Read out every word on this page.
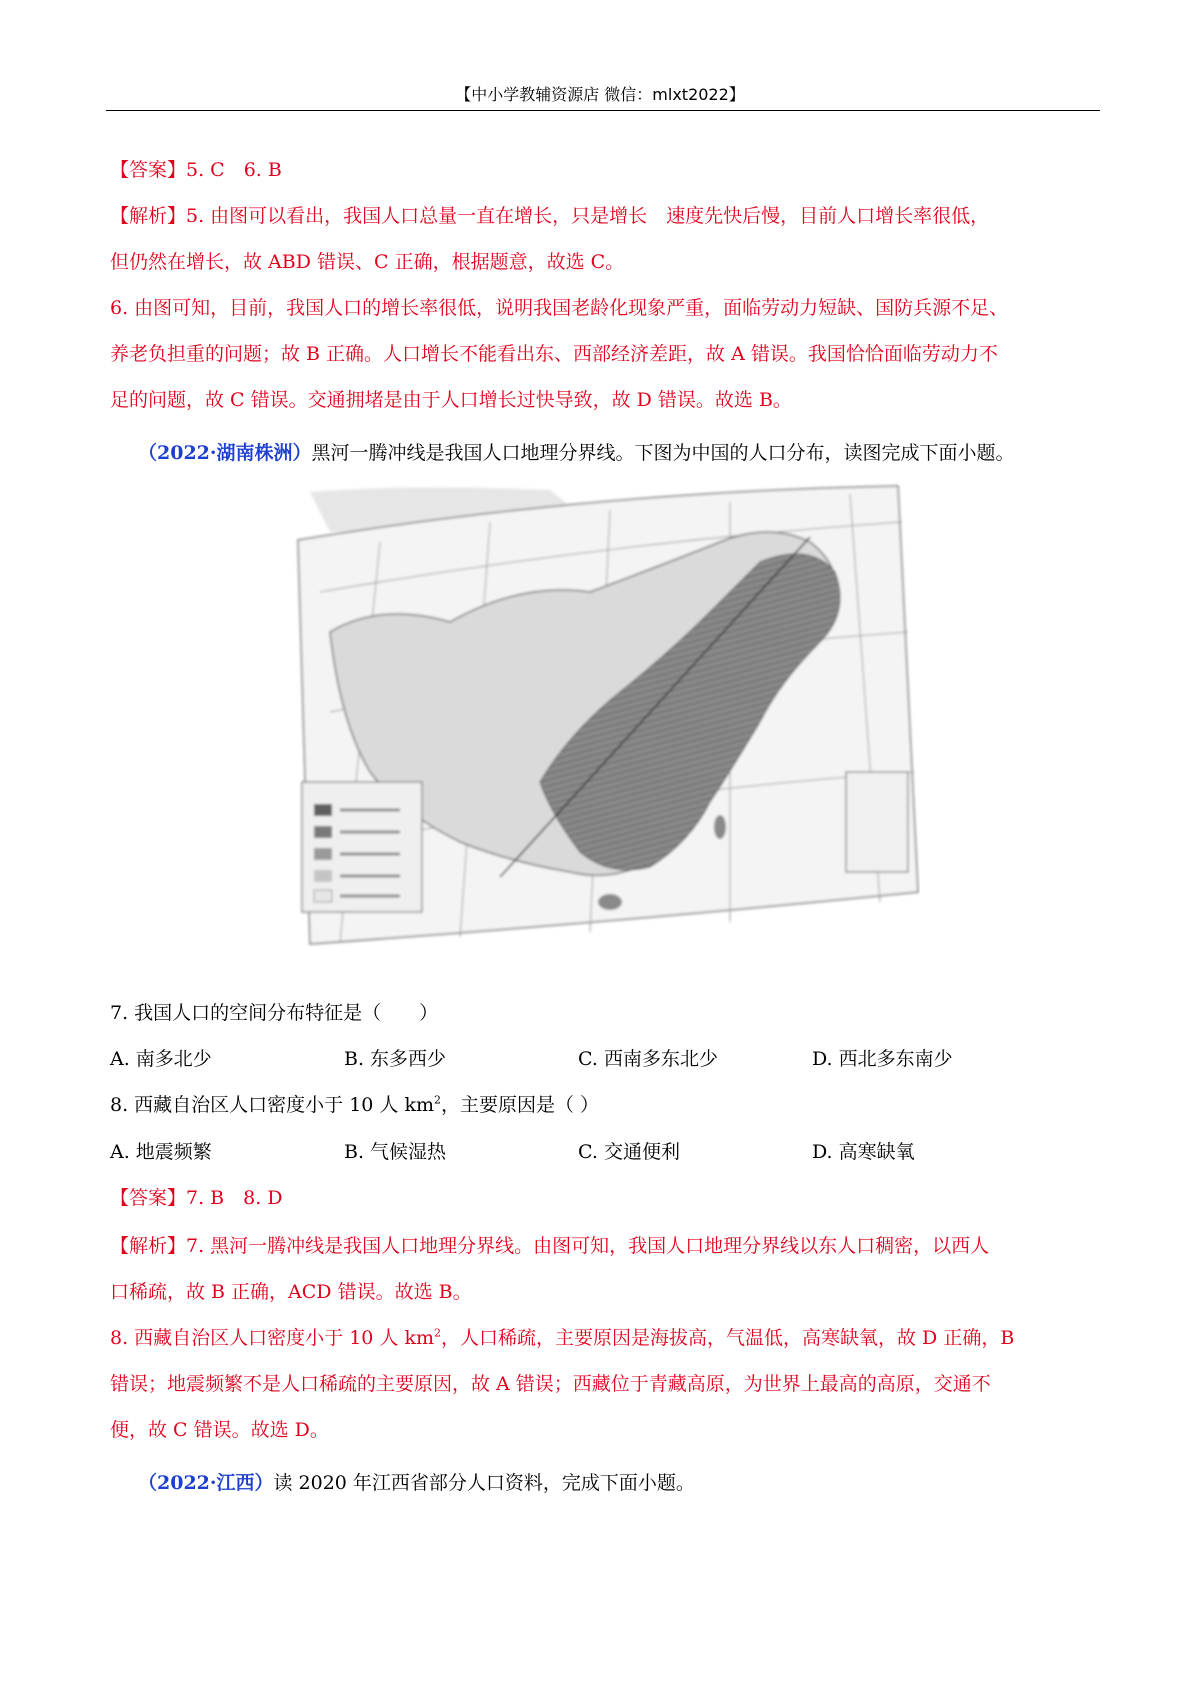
【中小学教辅资源店 微信：mlxt2022】
【答案】5. C　6. B
【解析】5. 由图可以看出，我国人口总量一直在增长，只是增长　速度先快后慢，目前人口增长率很低，
但仍然在增长，故 ABD 错误、C 正确，根据题意，故选 C。
6. 由图可知，目前，我国人口的增长率很低，说明我国老龄化现象严重，面临劳动力短缺、国防兵源不足、
养老负担重的问题；故 B 正确。人口增长不能看出东、西部经济差距，故 A 错误。我国恰恰面临劳动力不
足的问题，故 C 错误。交通拥堵是由于人口增长过快导致，故 D 错误。故选 B。
（2022·湖南株洲）黑河一腾冲线是我国人口地理分界线。下图为中国的人口分布，读图完成下面小题。
7. 我国人口的空间分布特征是（　　）
A. 南多北少	B. 东多西少	C. 西南多东北少	D. 西北多东南少
8. 西藏自治区人口密度小于 10 人 $km^2$，主要原因是（ ）
A. 地震频繁	B. 气候湿热	C. 交通便利	D. 高寒缺氧
【答案】7. B　8. D
【解析】7. 黑河一腾冲线是我国人口地理分界线。由图可知，我国人口地理分界线以东人口稠密，以西人
口稀疏，故 B 正确，ACD 错误。故选 B。
8. 西藏自治区人口密度小于 10 人 $km^2$，人口稀疏，主要原因是海拔高，气温低，高寒缺氧，故 D 正确，B
错误；地震频繁不是人口稀疏的主要原因，故 A 错误；西藏位于青藏高原，为世界上最高的高原，交通不
便，故 C 错误。故选 D。
（2022·江西）读 2020 年江西省部分人口资料，完成下面小题。
